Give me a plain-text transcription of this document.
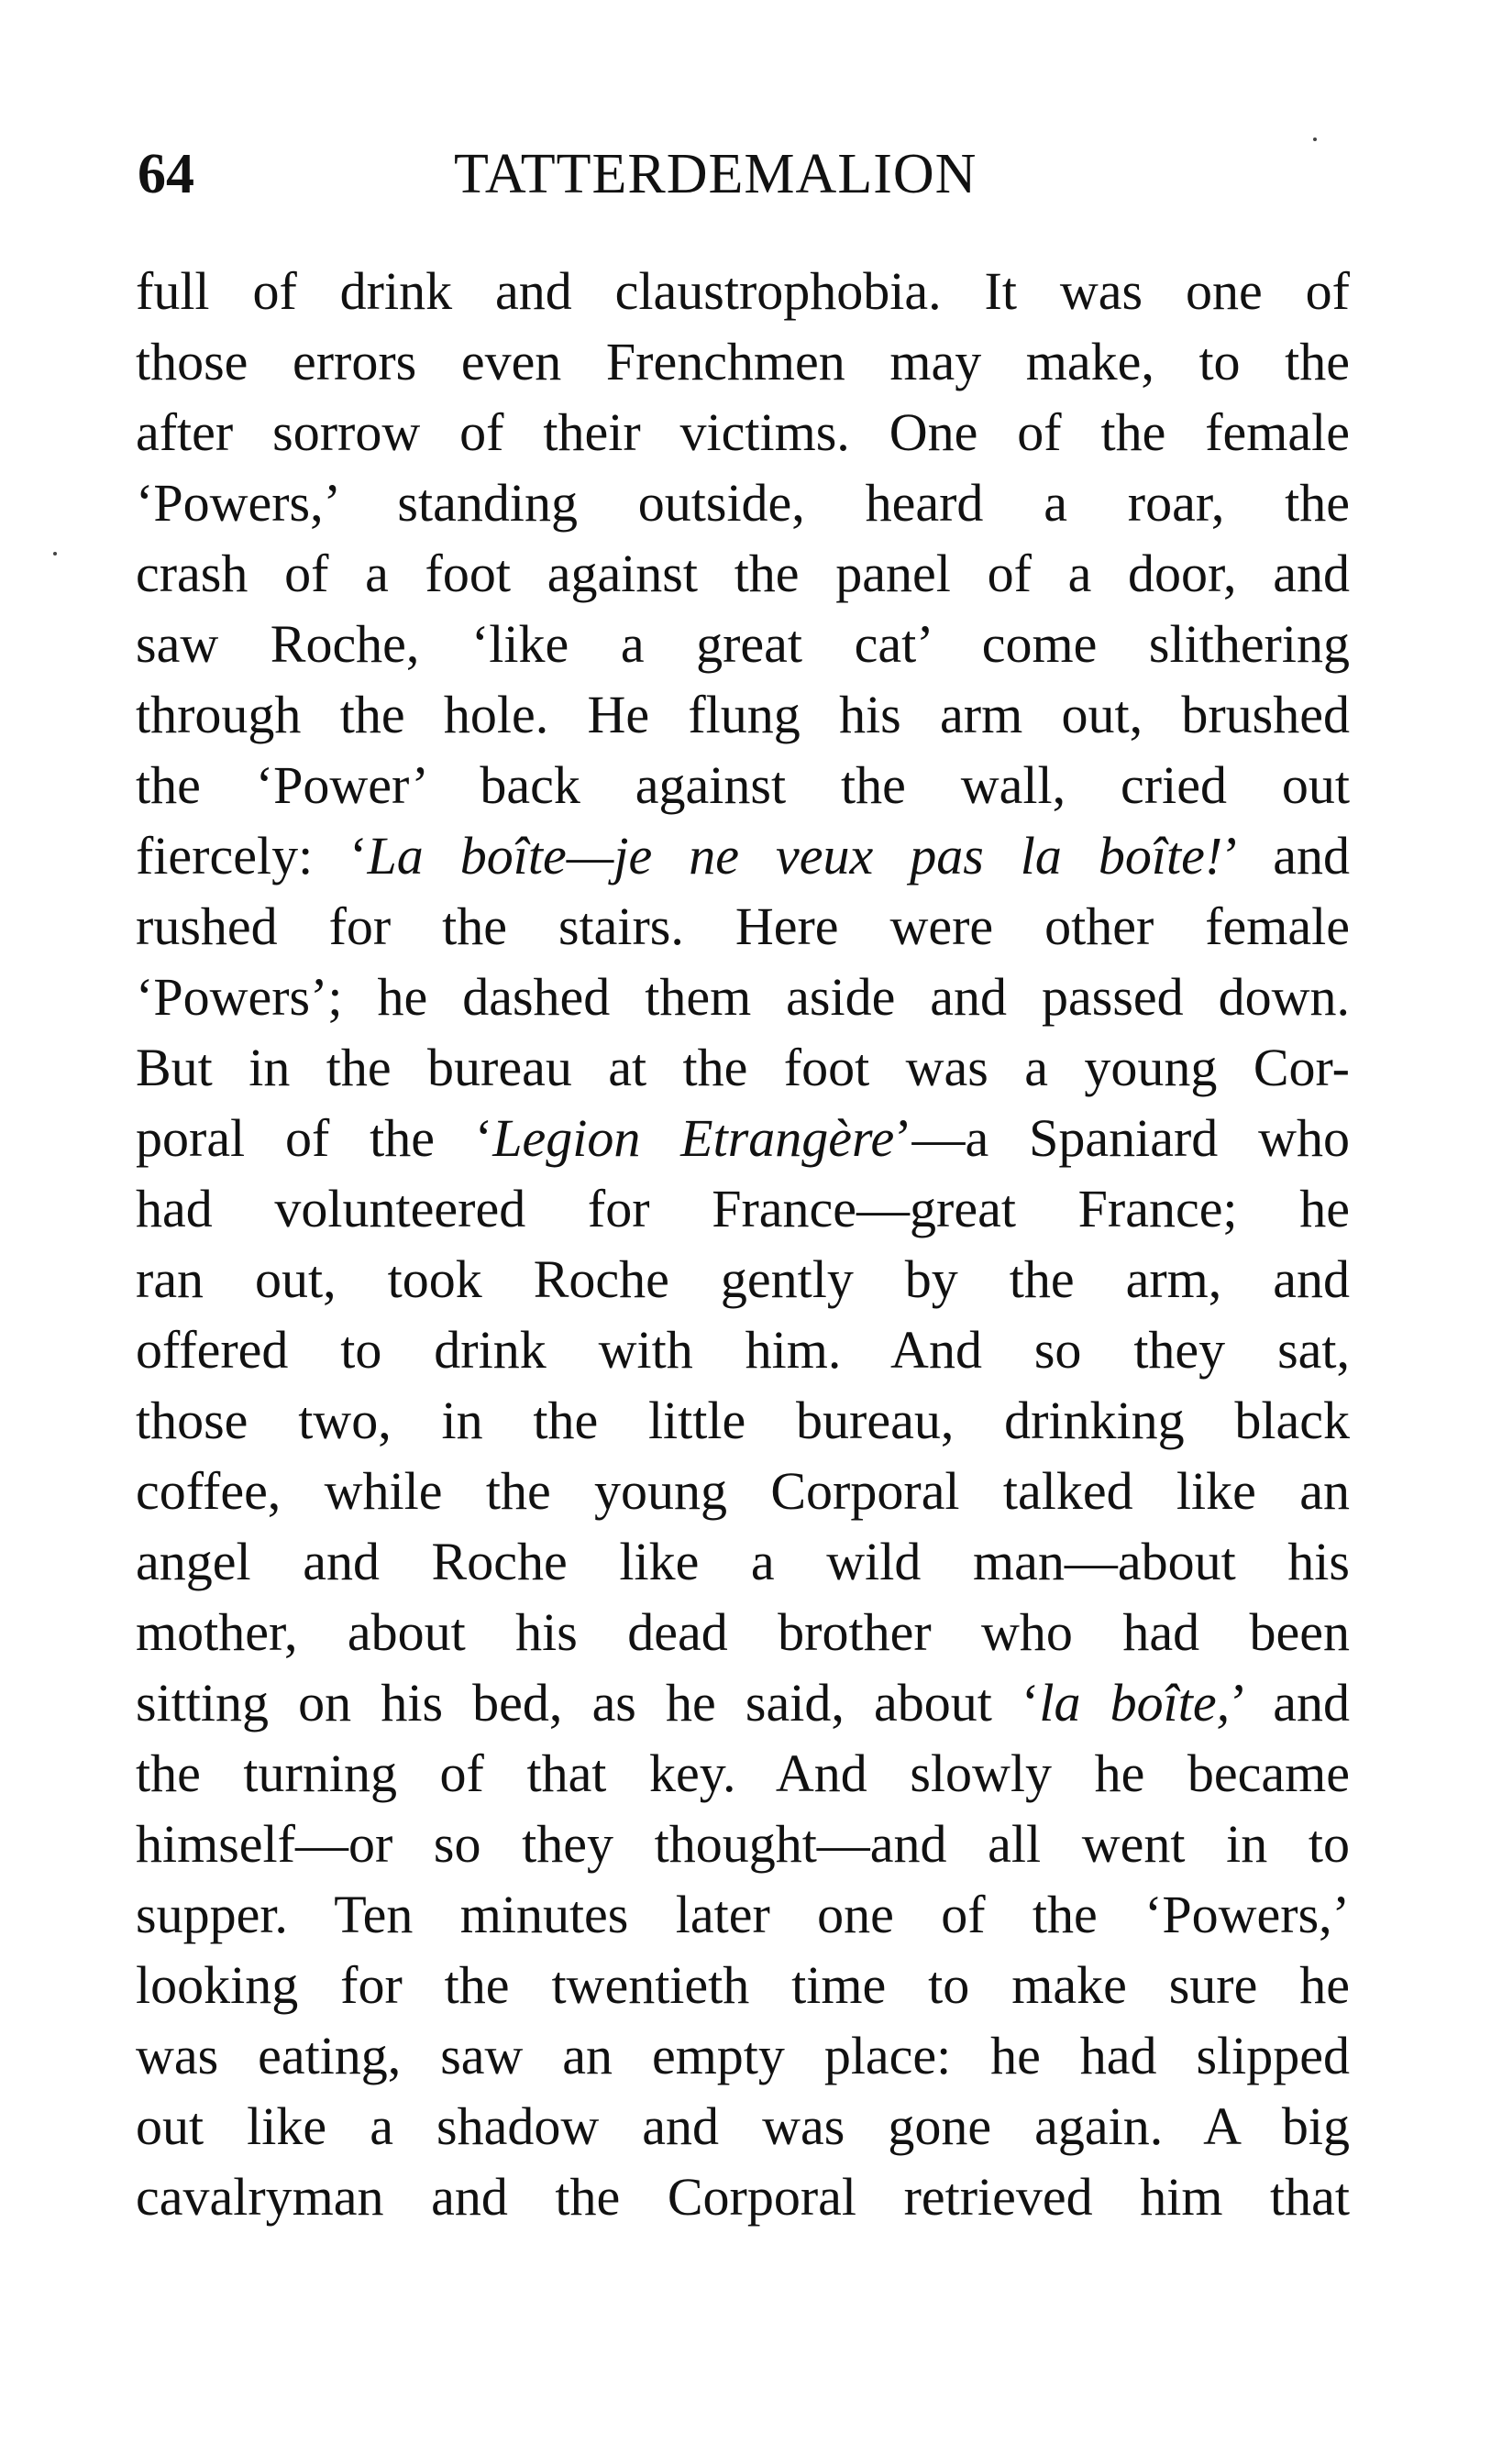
64	TATTERDEMALION
full of drink and claustrophobia. It was one of
those errors even Frenchmen may make, to the
after sorrow of their victims. One of the female
‘Powers,’ standing outside, heard a roar, the
crash of a foot against the panel of a door, and
saw Roche, ‘like a great cat’ come slithering
through the hole. He flung his arm out, brushed
the ‘Power’ back against the wall, cried out
fiercely: ‘La boîte—je ne veux pas la boîte!’ and
rushed for the stairs. Here were other female
‘Powers’; he dashed them aside and passed down.
But in the bureau at the foot was a young Cor-
poral of the ‘Legion Etrangère’—a Spaniard who
had volunteered for France—great France; he
ran out, took Roche gently by the arm, and
offered to drink with him. And so they sat,
those two, in the little bureau, drinking black
coffee, while the young Corporal talked like an
angel and Roche like a wild man—about his
mother, about his dead brother who had been
sitting on his bed, as he said, about ‘la boîte,’ and
the turning of that key. And slowly he became
himself—or so they thought—and all went in to
supper. Ten minutes later one of the ‘Powers,’
looking for the twentieth time to make sure he
was eating, saw an empty place: he had slipped
out like a shadow and was gone again. A big
cavalryman and the Corporal retrieved him that
